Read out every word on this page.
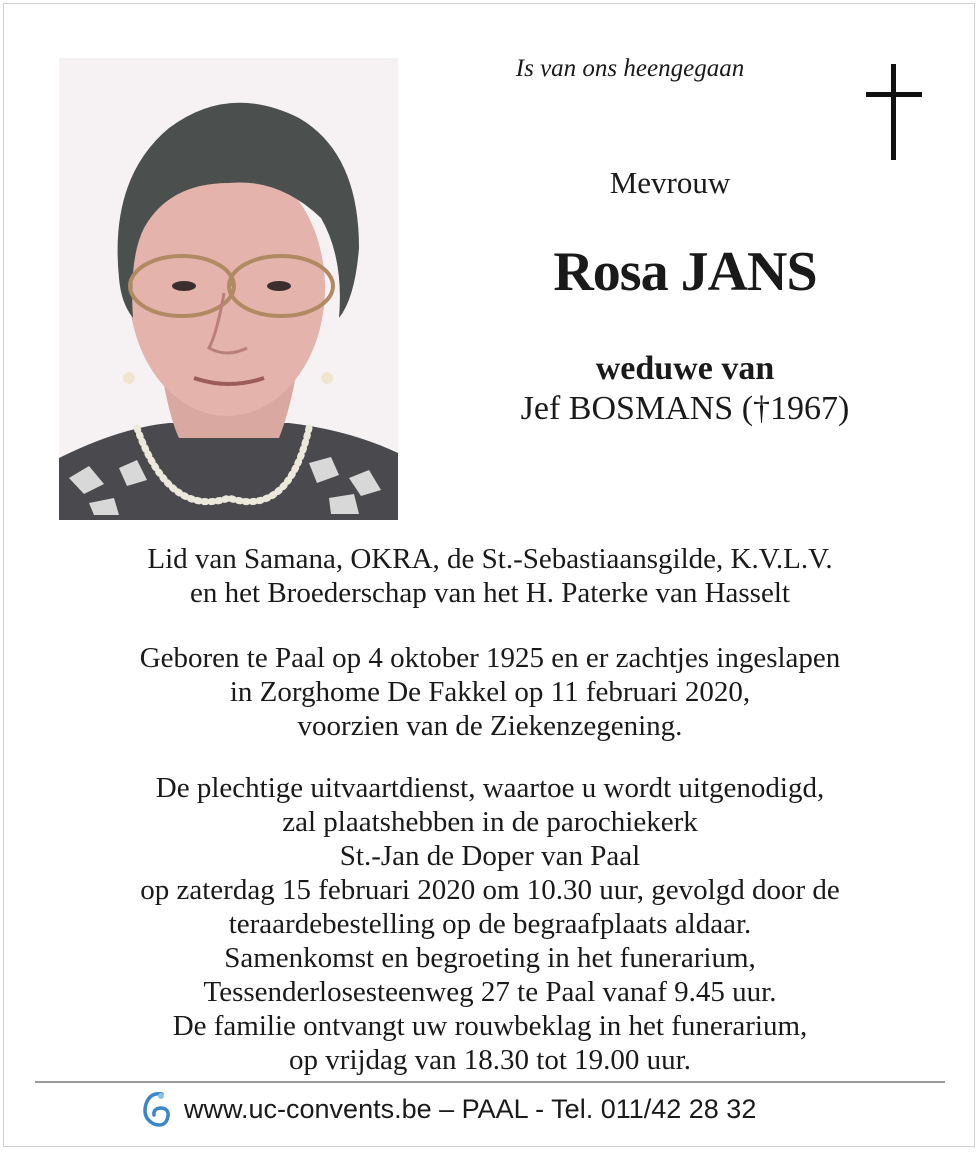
Is van ons heengegaan
Mevrouw
Rosa JANS
weduwe van
Jef BOSMANS (†1967)
Lid van Samana, OKRA, de St.-Sebastiaansgilde, K.V.L.V.
en het Broederschap van het H. Paterke van Hasselt
Geboren te Paal op 4 oktober 1925 en er zachtjes ingeslapen
in Zorghome De Fakkel op 11 februari 2020,
voorzien van de Ziekenzegening.
De plechtige uitvaartdienst, waartoe u wordt uitgenodigd,
zal plaatshebben in de parochiekerk
St.-Jan de Doper van Paal
op zaterdag 15 februari 2020 om 10.30 uur, gevolgd door de
teraardebestelling op de begraafplaats aldaar.
Samenkomst en begroeting in het funerarium,
Tessenderlosesteenweg 27 te Paal vanaf 9.45 uur.
De familie ontvangt uw rouwbeklag in het funerarium,
op vrijdag van 18.30 tot 19.00 uur.
www.uc-convents.be – PAAL - Tel. 011/42 28 32
